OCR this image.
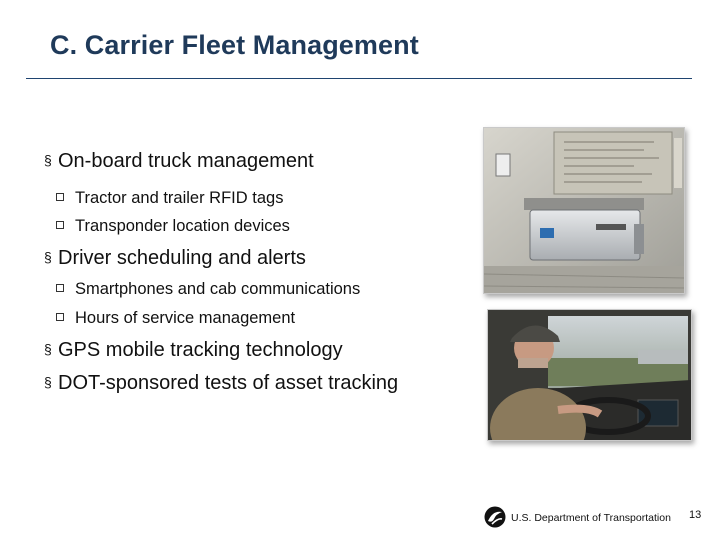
C. Carrier Fleet Management
§ On-board truck management
Tractor and trailer RFID tags
Transponder location devices
§ Driver scheduling and alerts
Smartphones and cab communications
Hours of service management
§ GPS mobile tracking technology
§ DOT-sponsored tests of asset tracking
U.S. Department of Transportation 13
